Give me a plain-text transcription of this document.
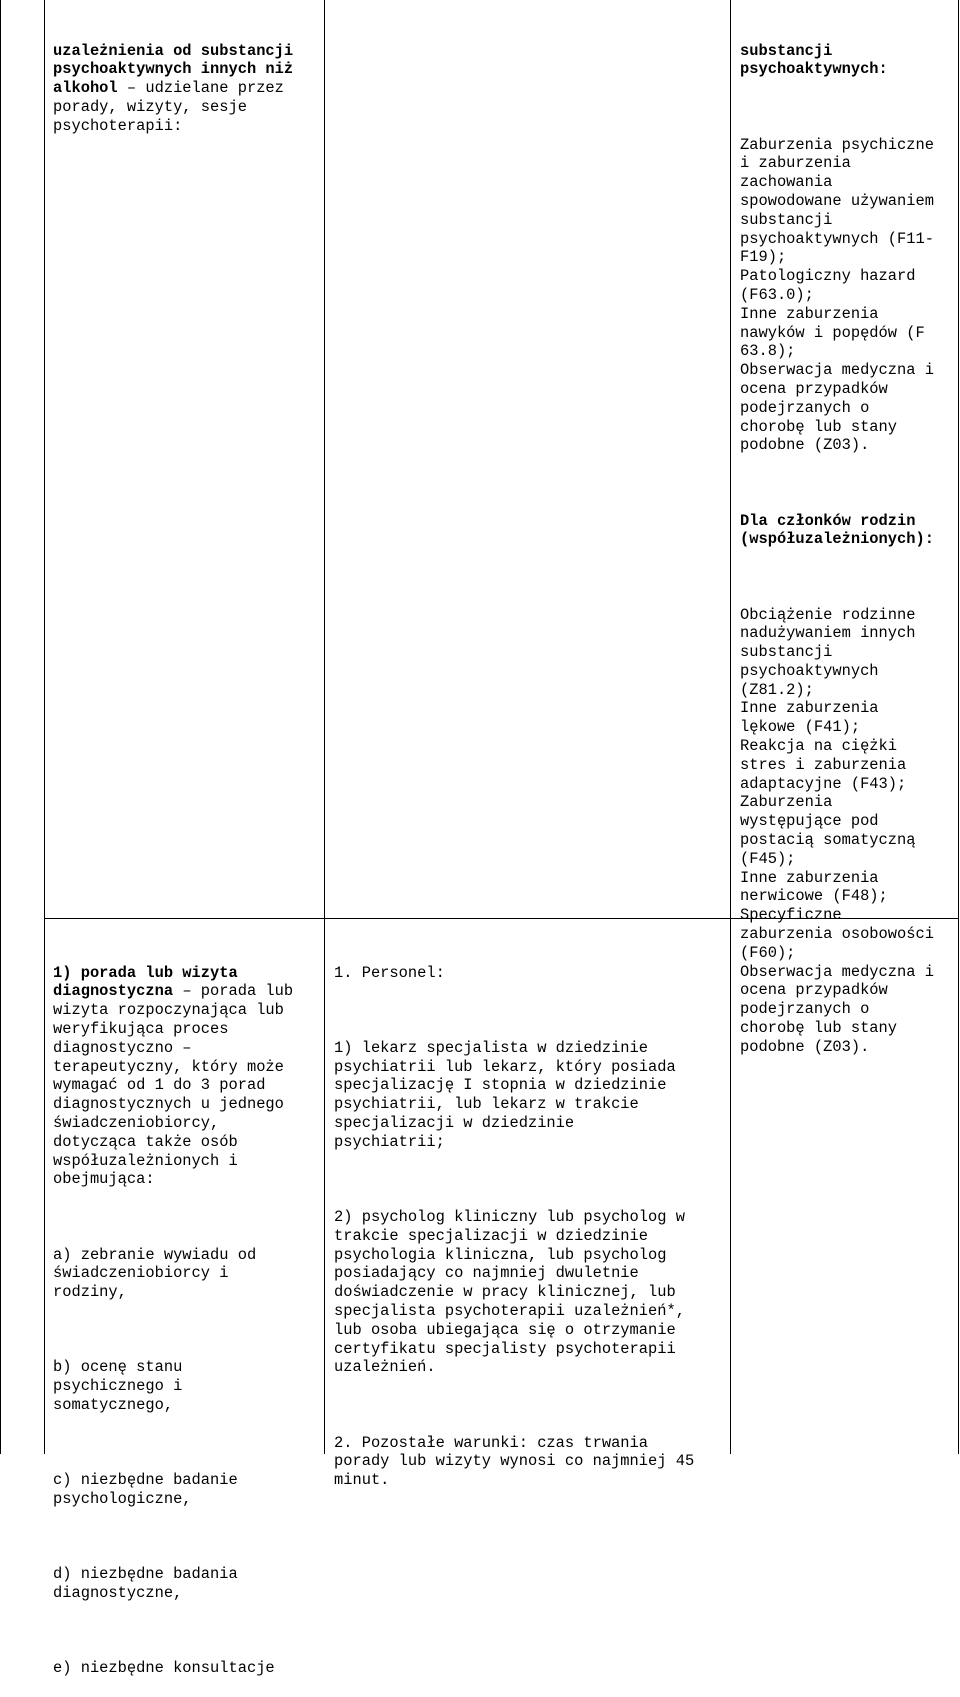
uzależnienia od substancji
psychoaktywnych innych niż
alkohol – udzielane przez
porady, wizyty, sesje
psychoterapii:

substancji
psychoaktywnych:

Zaburzenia psychiczne
i zaburzenia
zachowania
spowodowane używaniem
substancji
psychoaktywnych (F11-
F19);
Patologiczny hazard
(F63.0);
Inne zaburzenia
nawyków i popędów (F
63.8);
Obserwacja medyczna i
ocena przypadków
podejrzanych o
chorobę lub stany
podobne (Z03).

Dla członków rodzin
(współuzależnionych):

Obciążenie rodzinne
nadużywaniem innych
substancji
psychoaktywnych
(Z81.2);
Inne zaburzenia
lękowe (F41);
Reakcja na ciężki
stres i zaburzenia
adaptacyjne (F43);
Zaburzenia
występujące pod
postacią somatyczną
(F45);
Inne zaburzenia
nerwicowe (F48);
Specyficzne
zaburzenia osobowości
(F60);
Obserwacja medyczna i
ocena przypadków
podejrzanych o
chorobę lub stany
podobne (Z03).

1) porada lub wizyta
diagnostyczna – porada lub
wizyta rozpoczynająca lub
weryfikująca proces
diagnostyczno –
terapeutyczny, który może
wymagać od 1 do 3 porad
diagnostycznych u jednego
świadczeniobiorcy,
dotycząca także osób
współuzależnionych i
obejmująca:

a) zebranie wywiadu od
świadczeniobiorcy i
rodziny,

b) ocenę stanu
psychicznego i
somatycznego,

c) niezbędne badanie
psychologiczne,

d) niezbędne badania
diagnostyczne,

e) niezbędne konsultacje

1. Personel:

1) lekarz specjalista w dziedzinie
psychiatrii lub lekarz, który posiada
specjalizację I stopnia w dziedzinie
psychiatrii, lub lekarz w trakcie
specjalizacji w dziedzinie
psychiatrii;

2) psycholog kliniczny lub psycholog w
trakcie specjalizacji w dziedzinie
psychologia kliniczna, lub psycholog
posiadający co najmniej dwuletnie
doświadczenie w pracy klinicznej, lub
specjalista psychoterapii uzależnień*,
lub osoba ubiegająca się o otrzymanie
certyfikatu specjalisty psychoterapii
uzależnień.

2. Pozostałe warunki: czas trwania
porady lub wizyty wynosi co najmniej 45
minut.
